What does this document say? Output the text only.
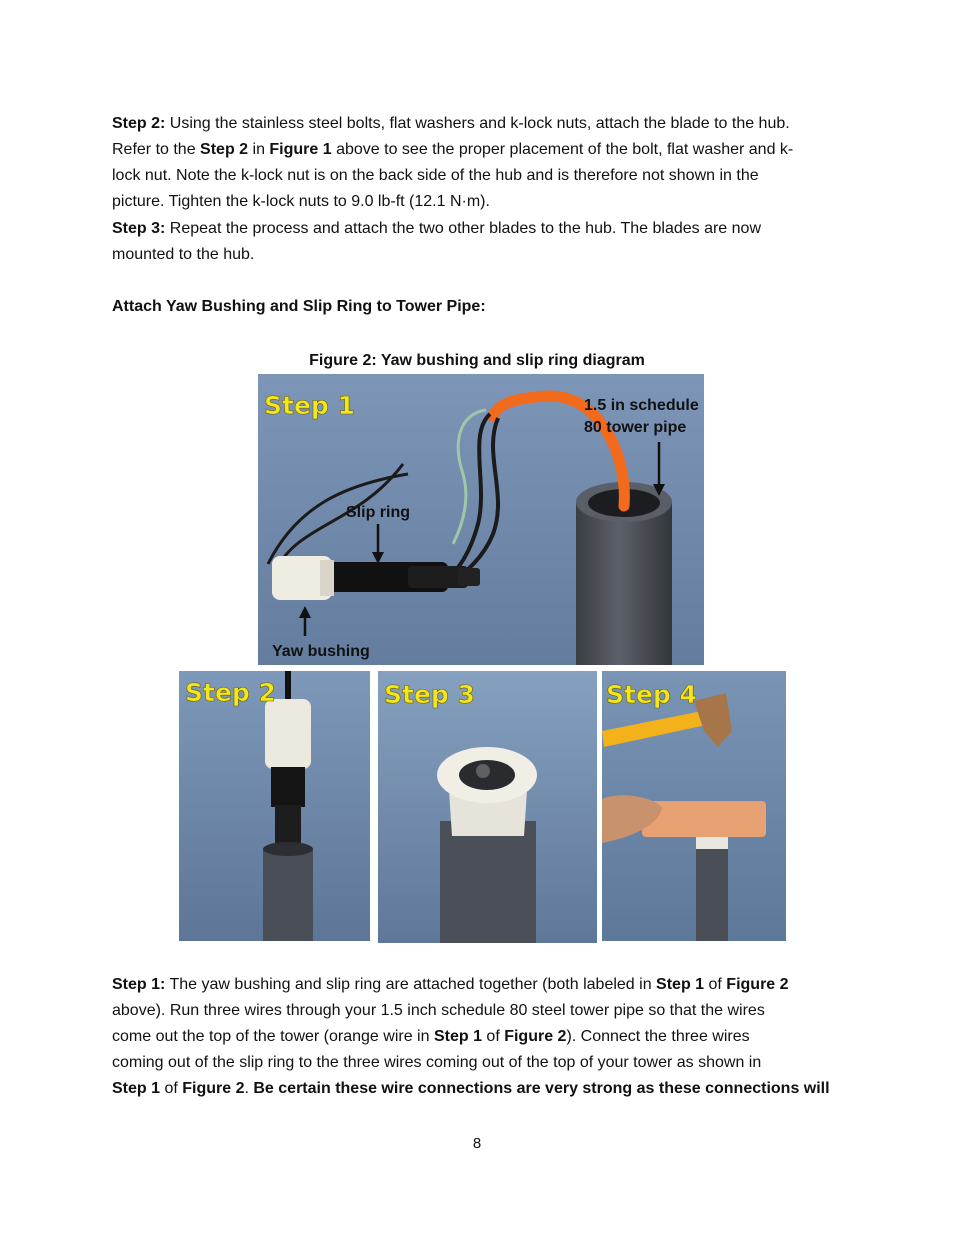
Step 2: Using the stainless steel bolts, flat washers and k-lock nuts, attach the blade to the hub.
Refer to the Step 2 in Figure 1 above to see the proper placement of the bolt, flat washer and k-
lock nut. Note the k-lock nut is on the back side of the hub and is therefore not shown in the
picture. Tighten the k-lock nuts to 9.0 lb-ft (12.1 N·m).
Step 3: Repeat the process and attach the two other blades to the hub. The blades are now
mounted to the hub.
Attach Yaw Bushing and Slip Ring to Tower Pipe:
Figure 2: Yaw bushing and slip ring diagram
Step 1	1.5 in schedule
80 tower pipe
Slip ring
Yaw bushing
Step 2	Step 3	Step 4
Step 1: The yaw bushing and slip ring are attached together (both labeled in Step 1 of Figure 2
above). Run three wires through your 1.5 inch schedule 80 steel tower pipe so that the wires
come out the top of the tower (orange wire in Step 1 of Figure 2). Connect the three wires
coming out of the slip ring to the three wires coming out of the top of your tower as shown in
Step 1 of Figure 2. Be certain these wire connections are very strong as these connections will
8
